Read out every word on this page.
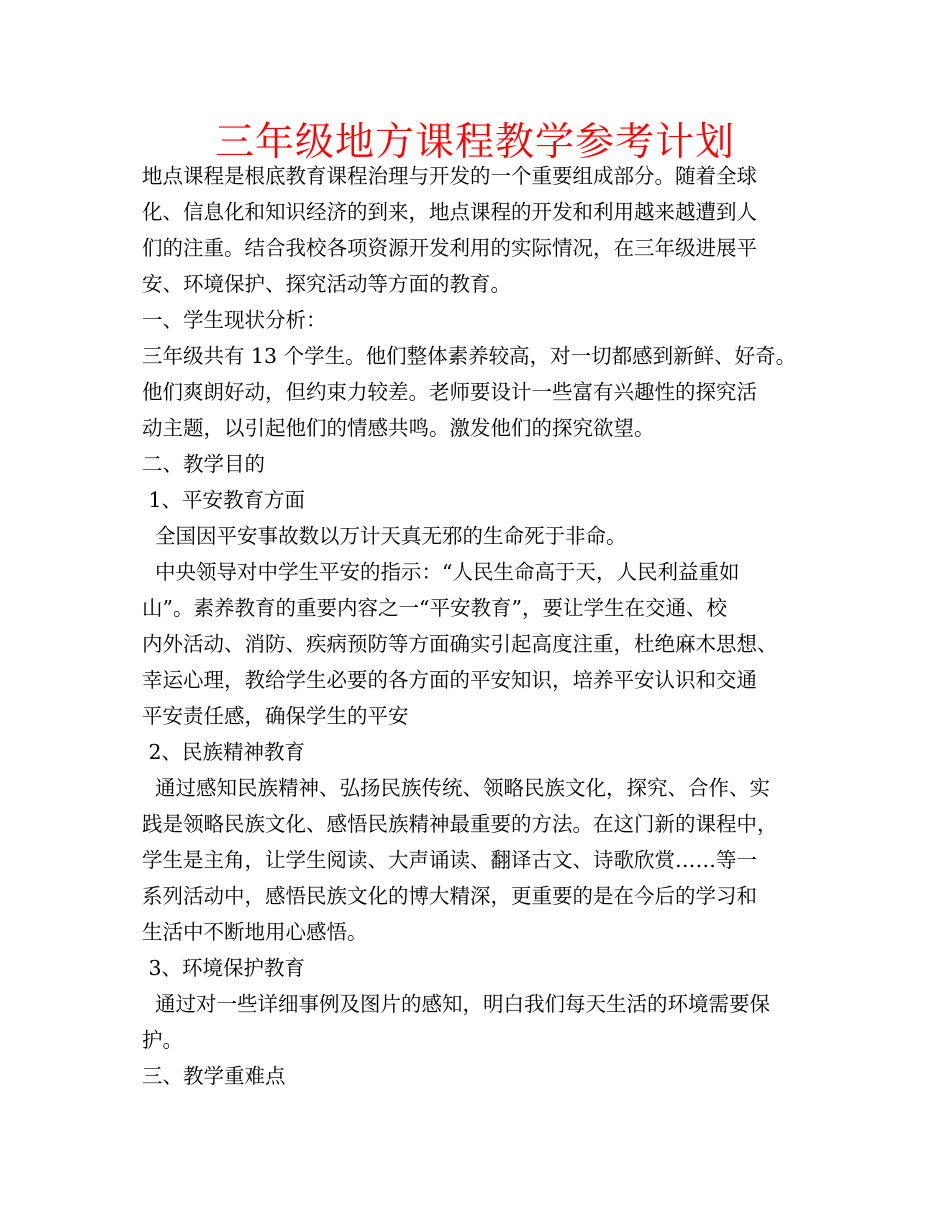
三年级地方课程教学参考计划
地点课程是根底教育课程治理与开发的一个重要组成部分。随着全球
化、信息化和知识经济的到来，地点课程的开发和利用越来越遭到人
们的注重。结合我校各项资源开发利用的实际情况，在三年级进展平
安、环境保护、探究活动等方面的教育。
一、学生现状分析：
三年级共有 13 个学生。他们整体素养较高，对一切都感到新鲜、好奇。
他们爽朗好动，但约束力较差。老师要设计一些富有兴趣性的探究活
动主题，以引起他们的情感共鸣。激发他们的探究欲望。
二、教学目的
1、平安教育方面
全国因平安事故数以万计天真无邪的生命死于非命。
中央领导对中学生平安的指示：“人民生命高于天，人民利益重如
山”。素养教育的重要内容之一“平安教育”，要让学生在交通、校
内外活动、消防、疾病预防等方面确实引起高度注重，杜绝麻木思想、
幸运心理，教给学生必要的各方面的平安知识，培养平安认识和交通
平安责任感，确保学生的平安
2、民族精神教育
通过感知民族精神、弘扬民族传统、领略民族文化，探究、合作、实
践是领略民族文化、感悟民族精神最重要的方法。在这门新的课程中，
学生是主角，让学生阅读、大声诵读、翻译古文、诗歌欣赏……等一
系列活动中，感悟民族文化的博大精深，更重要的是在今后的学习和
生活中不断地用心感悟。
3、环境保护教育
通过对一些详细事例及图片的感知，明白我们每天生活的环境需要保
护。
三、教学重难点
